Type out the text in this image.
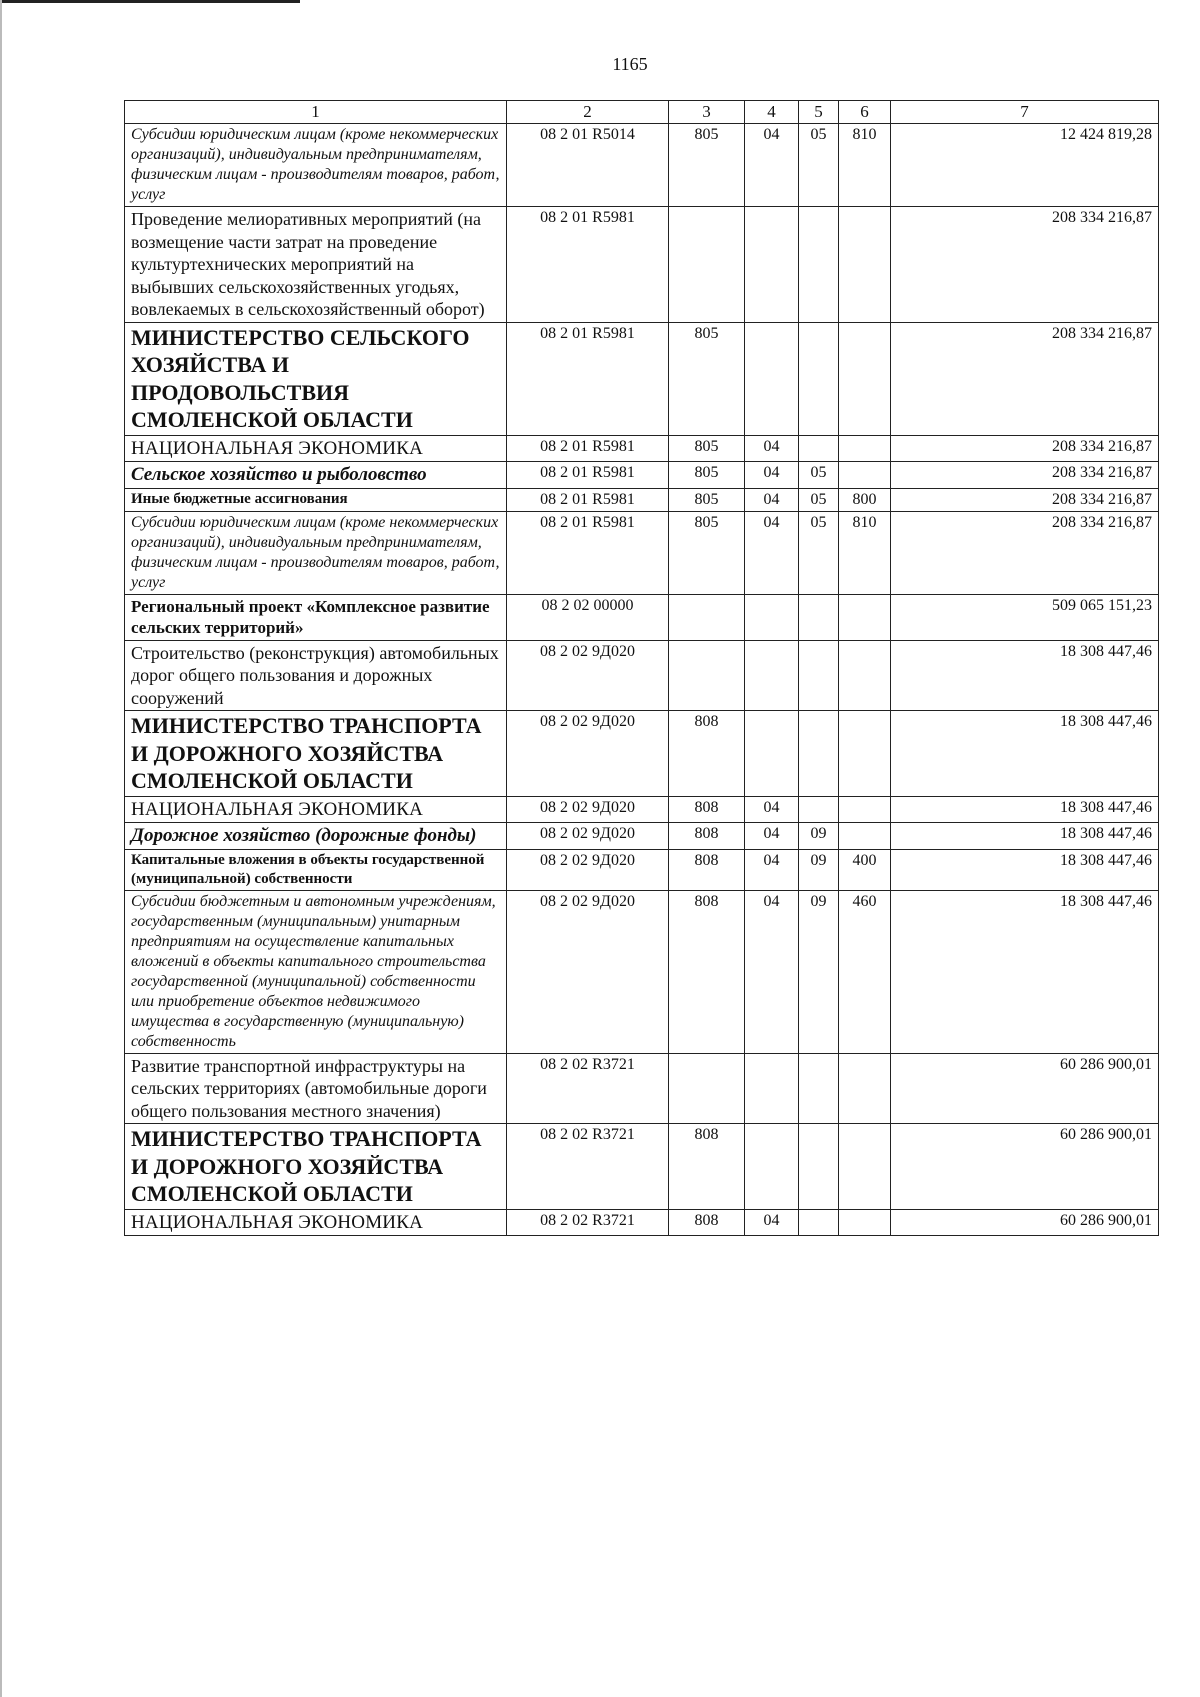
1165
1	2	3	4	5	6	7
Субсидии юридическим лицам (кроме некоммерческих организаций), индивидуальным предпринимателям, физическим лицам - производителям товаров, работ, услуг	08 2 01 R5014	805	04	05	810	12 424 819,28
Проведение мелиоративных мероприятий (на возмещение части затрат на проведение культуртехнических мероприятий на выбывших сельскохозяйственных угодьях, вовлекаемых в сельскохозяйственный оборот)	08 2 01 R5981					208 334 216,87
МИНИСТЕРСТВО СЕЛЬСКОГО ХОЗЯЙСТВА И ПРОДОВОЛЬСТВИЯ СМОЛЕНСКОЙ ОБЛАСТИ	08 2 01 R5981	805				208 334 216,87
НАЦИОНАЛЬНАЯ ЭКОНОМИКА	08 2 01 R5981	805	04			208 334 216,87
Сельское хозяйство и рыболовство	08 2 01 R5981	805	04	05		208 334 216,87
Иные бюджетные ассигнования	08 2 01 R5981	805	04	05	800	208 334 216,87
Субсидии юридическим лицам (кроме некоммерческих организаций), индивидуальным предпринимателям, физическим лицам - производителям товаров, работ, услуг	08 2 01 R5981	805	04	05	810	208 334 216,87
Региональный проект «Комплексное развитие сельских территорий»	08 2 02 00000					509 065 151,23
Строительство (реконструкция) автомобильных дорог общего пользования и дорожных сооружений	08 2 02 9Д020					18 308 447,46
МИНИСТЕРСТВО ТРАНСПОРТА И ДОРОЖНОГО ХОЗЯЙСТВА СМОЛЕНСКОЙ ОБЛАСТИ	08 2 02 9Д020	808				18 308 447,46
НАЦИОНАЛЬНАЯ ЭКОНОМИКА	08 2 02 9Д020	808	04			18 308 447,46
Дорожное хозяйство (дорожные фонды)	08 2 02 9Д020	808	04	09		18 308 447,46
Капитальные вложения в объекты государственной (муниципальной) собственности	08 2 02 9Д020	808	04	09	400	18 308 447,46
Субсидии бюджетным и автономным учреждениям, государственным (муниципальным) унитарным предприятиям на осуществление капитальных вложений в объекты капитального строительства государственной (муниципальной) собственности или приобретение объектов недвижимого имущества в государственную (муниципальную) собственность	08 2 02 9Д020	808	04	09	460	18 308 447,46
Развитие транспортной инфраструктуры на сельских территориях (автомобильные дороги общего пользования местного значения)	08 2 02 R3721					60 286 900,01
МИНИСТЕРСТВО ТРАНСПОРТА И ДОРОЖНОГО ХОЗЯЙСТВА СМОЛЕНСКОЙ ОБЛАСТИ	08 2 02 R3721	808				60 286 900,01
НАЦИОНАЛЬНАЯ ЭКОНОМИКА	08 2 02 R3721	808	04			60 286 900,01
